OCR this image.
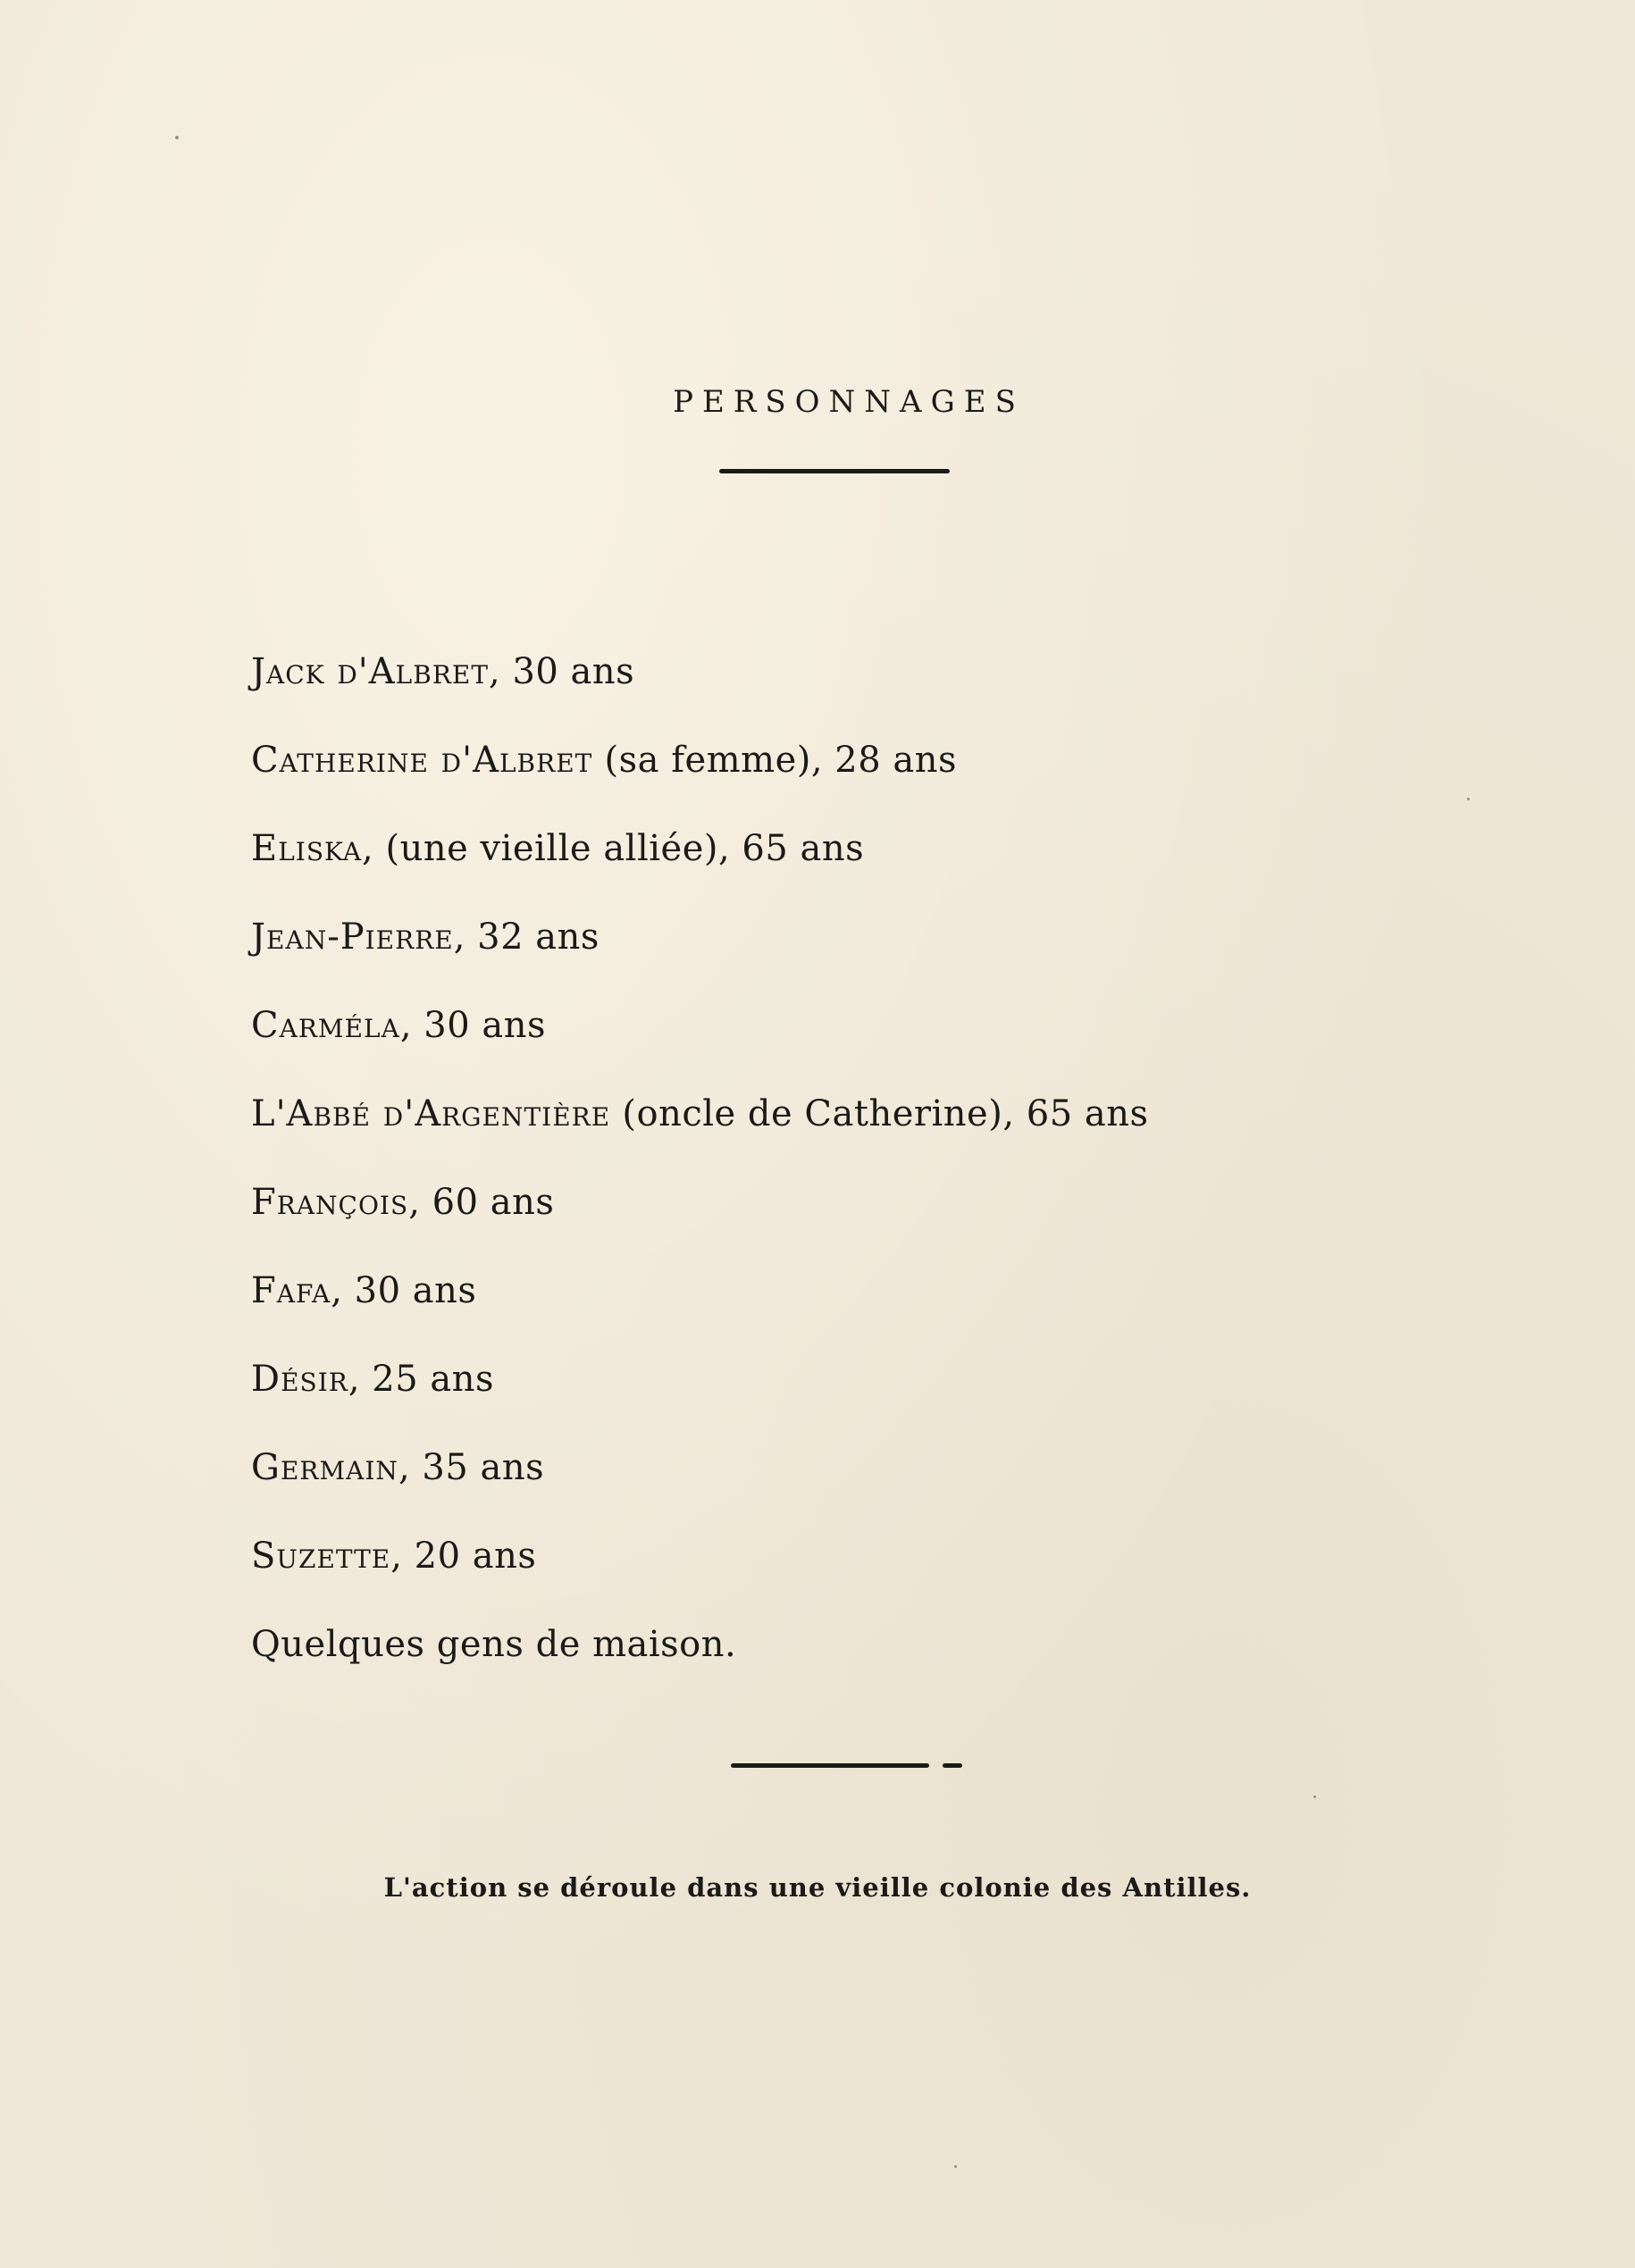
PERSONNAGES
Jack d'Albret, 30 ans
Catherine d'Albret (sa femme), 28 ans
Eliska, (une vieille alliée), 65 ans
Jean-Pierre, 32 ans
Carméla, 30 ans
L'Abbé d'Argentière (oncle de Catherine), 65 ans
François, 60 ans
Fafa, 30 ans
Désir, 25 ans
Germain, 35 ans
Suzette, 20 ans
Quelques gens de maison.
L'action se déroule dans une vieille colonie des Antilles.
